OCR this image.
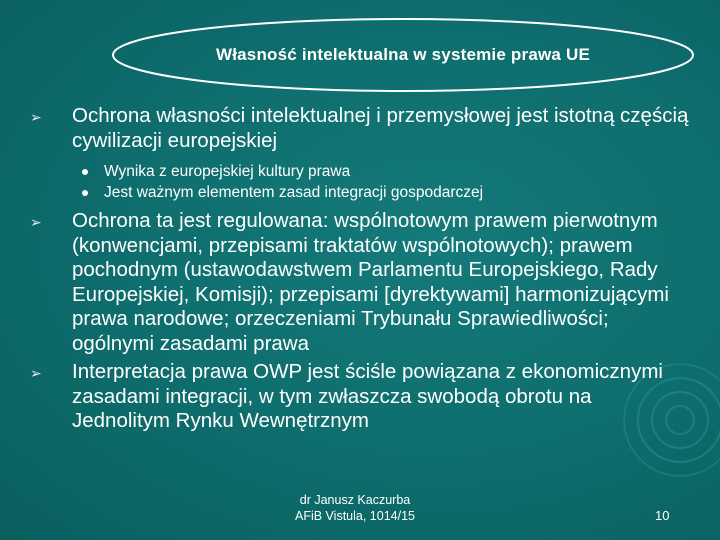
Własność intelektualna w systemie prawa UE
➢ Ochrona własności intelektualnej i przemysłowej jest istotną częścią cywilizacji europejskiej
Wynika z europejskiej kultury prawa
Jest ważnym elementem zasad integracji gospodarczej
➢ Ochrona ta jest regulowana: wspólnotowym prawem pierwotnym (konwencjami, przepisami traktatów wspólnotowych); prawem pochodnym (ustawodawstwem Parlamentu Europejskiego, Rady Europejskiej, Komisji); przepisami [dyrektywami] harmonizującymi prawa narodowe; orzeczeniami Trybunału Sprawiedliwości; ogólnymi zasadami prawa
➢ Interpretacja prawa OWP jest ściśle powiązana z ekonomicznymi zasadami integracji, w tym zwłaszcza swobodą obrotu na Jednolitym Rynku Wewnętrznym
dr Janusz Kaczurba
AFiB Vistula, 1014/15	10
